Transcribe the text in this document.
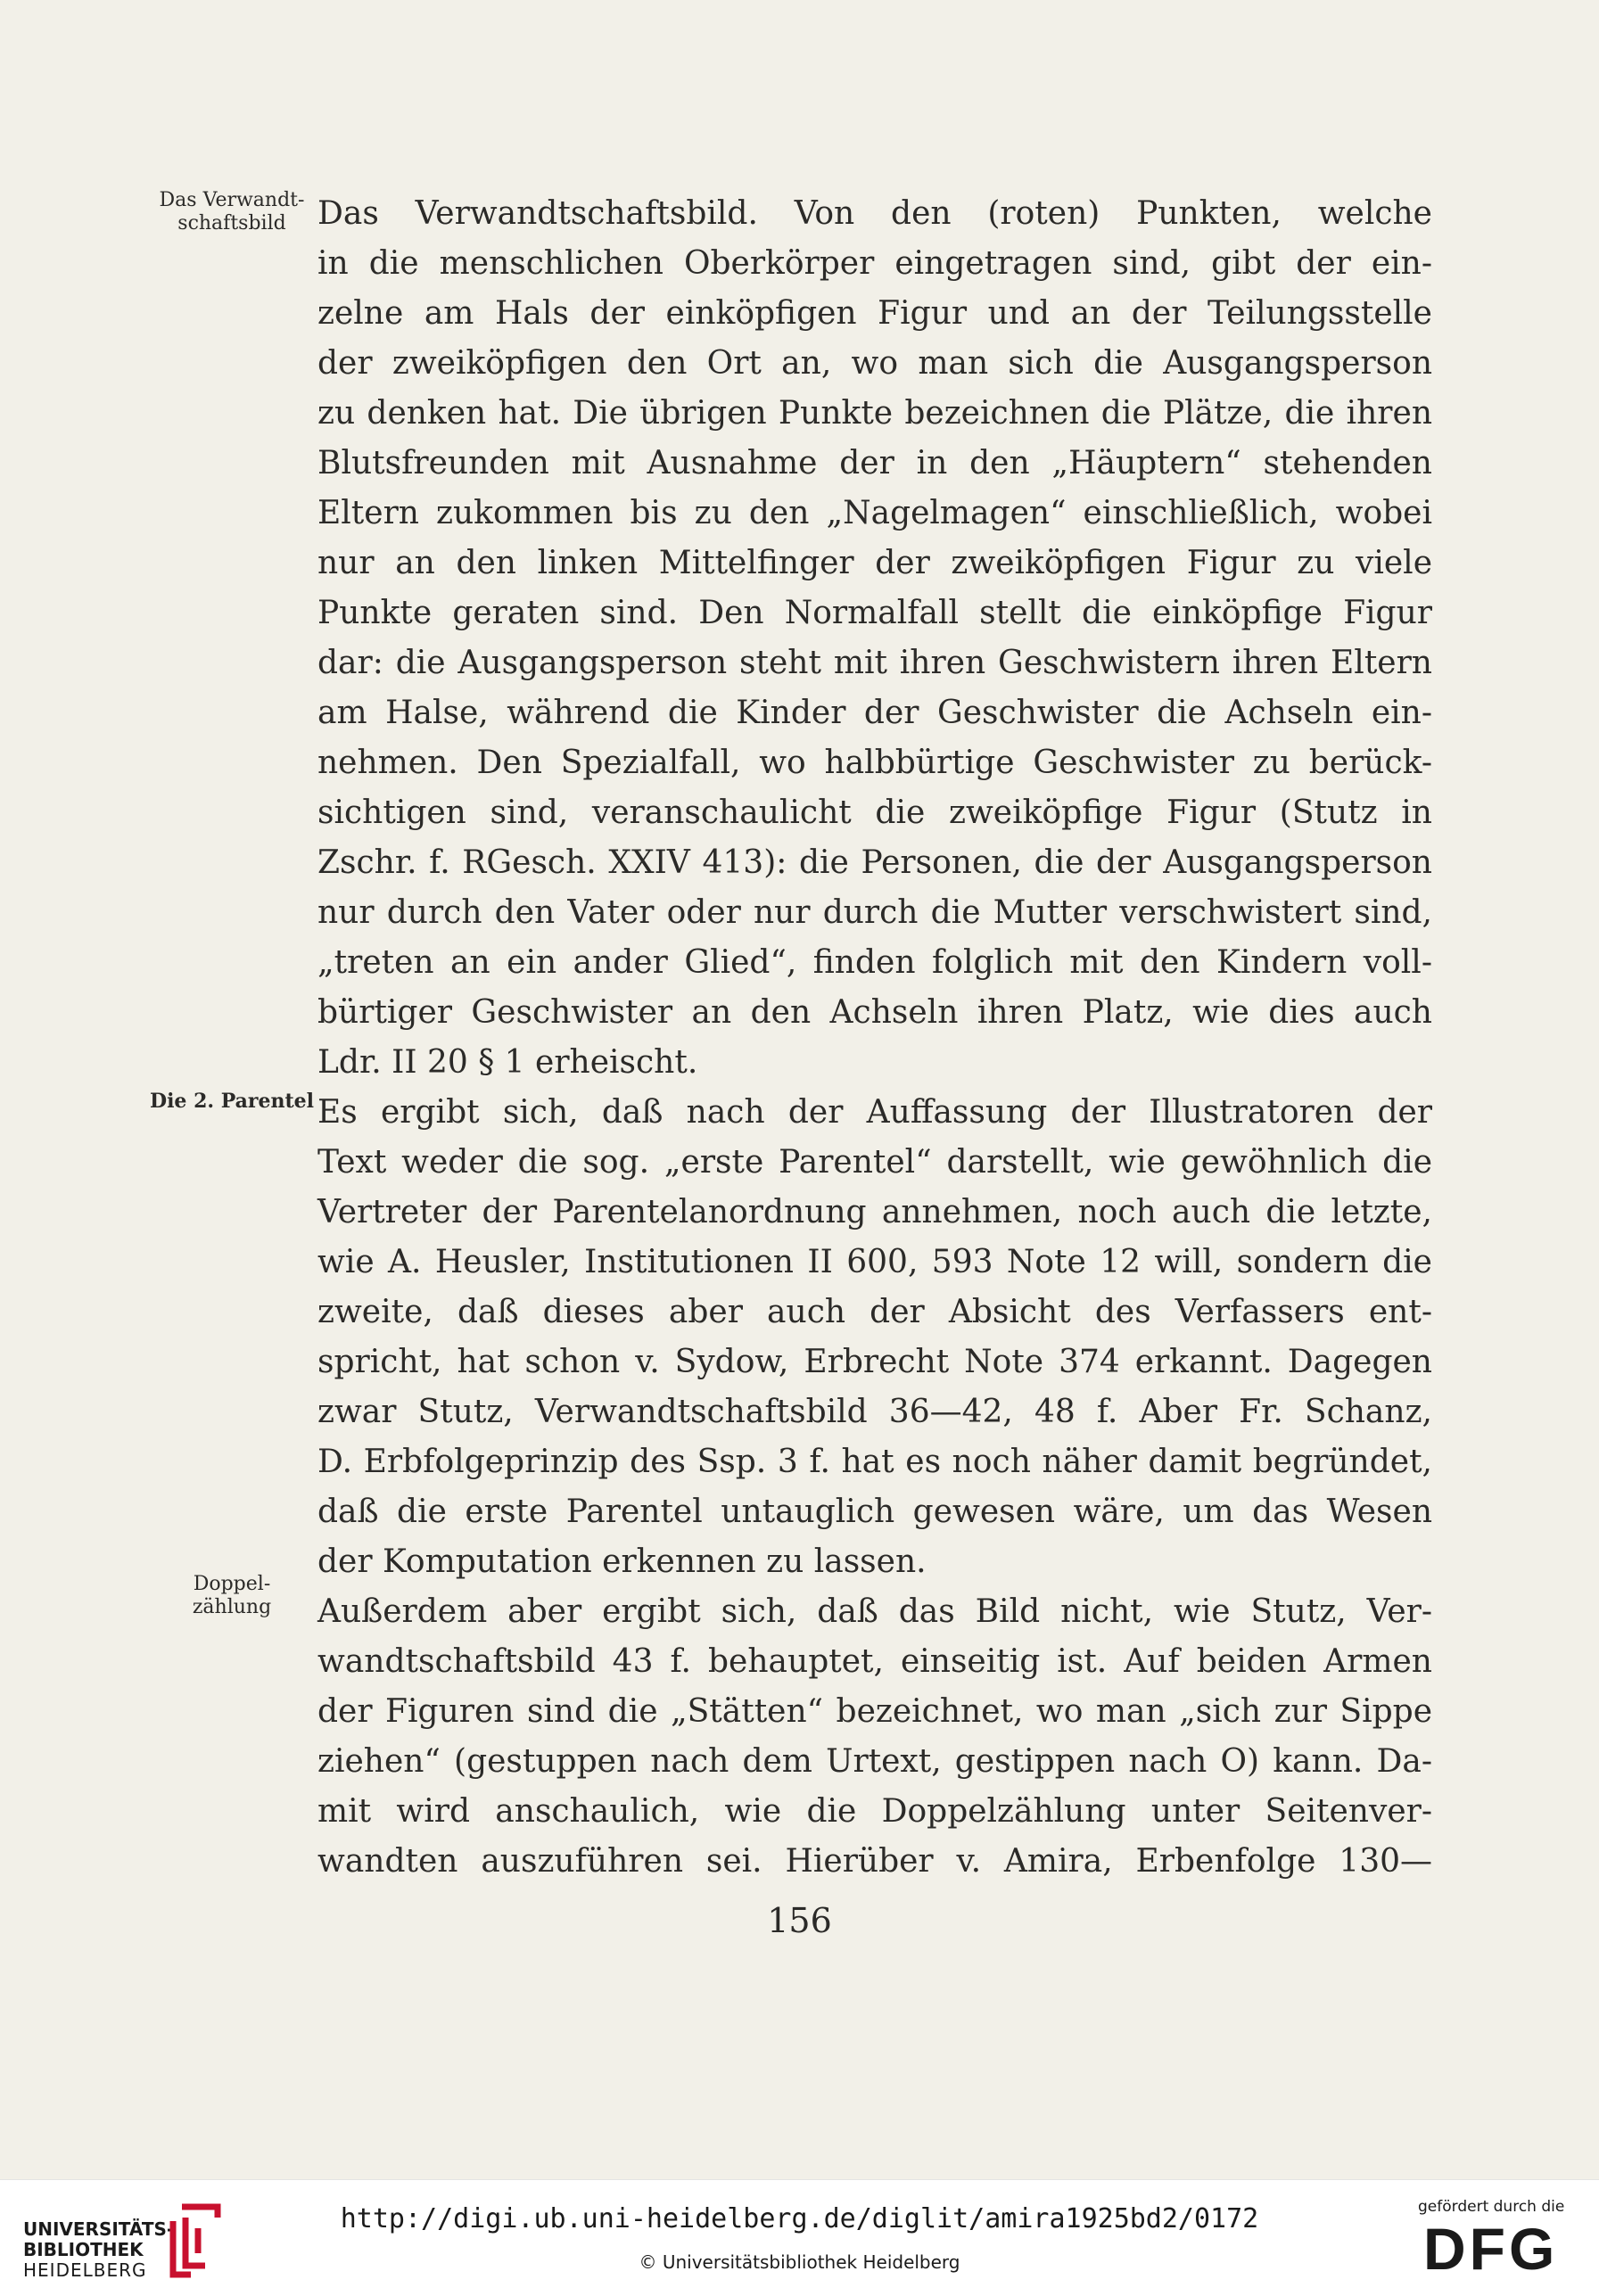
Das Verwandt-
schaftsbild
Die 2. Parentel
Doppel-
zählung
Das Verwandtschaftsbild. Von den (roten) Punkten, welche
in die menschlichen Oberkörper eingetragen sind, gibt der ein-
zelne am Hals der einköpfigen Figur und an der Teilungsstelle
der zweiköpfigen den Ort an, wo man sich die Ausgangsperson
zu denken hat. Die übrigen Punkte bezeichnen die Plätze, die ihren
Blutsfreunden mit Ausnahme der in den „Häuptern“ stehenden
Eltern zukommen bis zu den „Nagelmagen“ einschließlich, wobei
nur an den linken Mittelfinger der zweiköpfigen Figur zu viele
Punkte geraten sind. Den Normalfall stellt die einköpfige Figur
dar: die Ausgangsperson steht mit ihren Geschwistern ihren Eltern
am Halse, während die Kinder der Geschwister die Achseln ein-
nehmen. Den Spezialfall, wo halbbürtige Geschwister zu berück-
sichtigen sind, veranschaulicht die zweiköpfige Figur (Stutz in
Zschr. f. RGesch. XXIV 413): die Personen, die der Ausgangsperson
nur durch den Vater oder nur durch die Mutter verschwistert sind,
„treten an ein ander Glied“, finden folglich mit den Kindern voll-
bürtiger Geschwister an den Achseln ihren Platz, wie dies auch
Ldr. II 20 § 1 erheischt.
Es ergibt sich, daß nach der Auffassung der Illustratoren der
Text weder die sog. „erste Parentel“ darstellt, wie gewöhnlich die
Vertreter der Parentelanordnung annehmen, noch auch die letzte,
wie A. Heusler, Institutionen II 600, 593 Note 12 will, sondern die
zweite, daß dieses aber auch der Absicht des Verfassers ent-
spricht, hat schon v. Sydow, Erbrecht Note 374 erkannt. Dagegen
zwar Stutz, Verwandtschaftsbild 36—42, 48 f. Aber Fr. Schanz,
D. Erbfolgeprinzip des Ssp. 3 f. hat es noch näher damit begründet,
daß die erste Parentel untauglich gewesen wäre, um das Wesen
der Komputation erkennen zu lassen.
Außerdem aber ergibt sich, daß das Bild nicht, wie Stutz, Ver-
wandtschaftsbild 43 f. behauptet, einseitig ist. Auf beiden Armen
der Figuren sind die „Stätten“ bezeichnet, wo man „sich zur Sippe
ziehen“ (gestuppen nach dem Urtext, gestippen nach O) kann. Da-
mit wird anschaulich, wie die Doppelzählung unter Seitenver-
wandten auszuführen sei. Hierüber v. Amira, Erbenfolge 130—
156
UNIVERSITÄTS-
BIBLIOTHEK
HEIDELBERG
http://digi.ub.uni-heidelberg.de/diglit/amira1925bd2/0172
© Universitätsbibliothek Heidelberg
gefördert durch die
DFG
